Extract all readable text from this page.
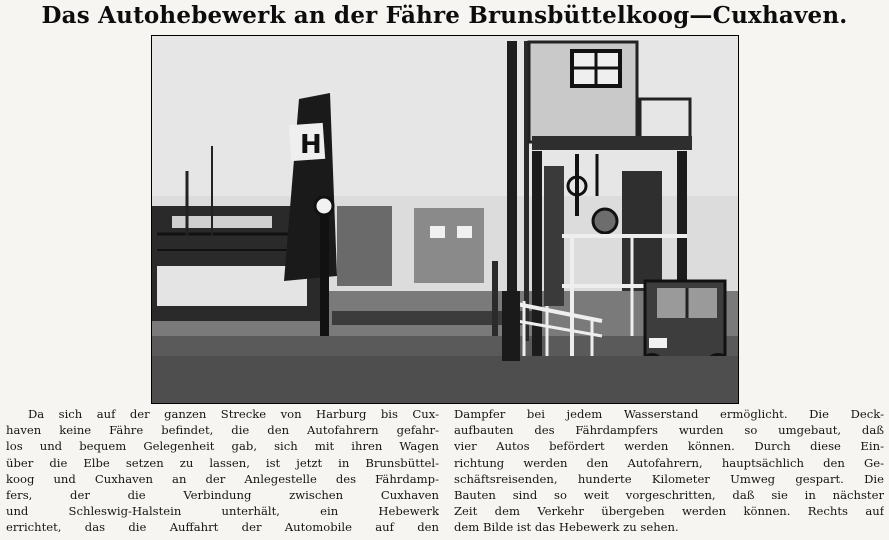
Das Autohebewerk an der Fähre Brunsbüttelkoog—Cuxhaven.
H
Da sich auf der ganzen Strecke von Harburg bis Cux-
haven keine Fähre befindet, die den Autofahrern gefahr-
los und bequem Gelegenheit gab, sich mit ihren Wagen
über die Elbe setzen zu lassen, ist jetzt in Brunsbüttel-
koog und Cuxhaven an der Anlegestelle des Fährdamp-
fers, der die Verbindung zwischen Cuxhaven
und Schleswig-Halstein unterhält, ein Hebewerk
errichtet, das die Auffahrt der Automobile auf den
Dampfer bei jedem Wasserstand ermöglicht. Die Deck-
aufbauten des Fährdampfers wurden so umgebaut, daß
vier Autos befördert werden können. Durch diese Ein-
richtung werden den Autofahrern, hauptsächlich den Ge-
schäftsreisenden, hunderte Kilometer Umweg gespart. Die
Bauten sind so weit vorgeschritten, daß sie in nächster
Zeit dem Verkehr übergeben werden können. Rechts auf
dem Bilde ist das Hebewerk zu sehen.
